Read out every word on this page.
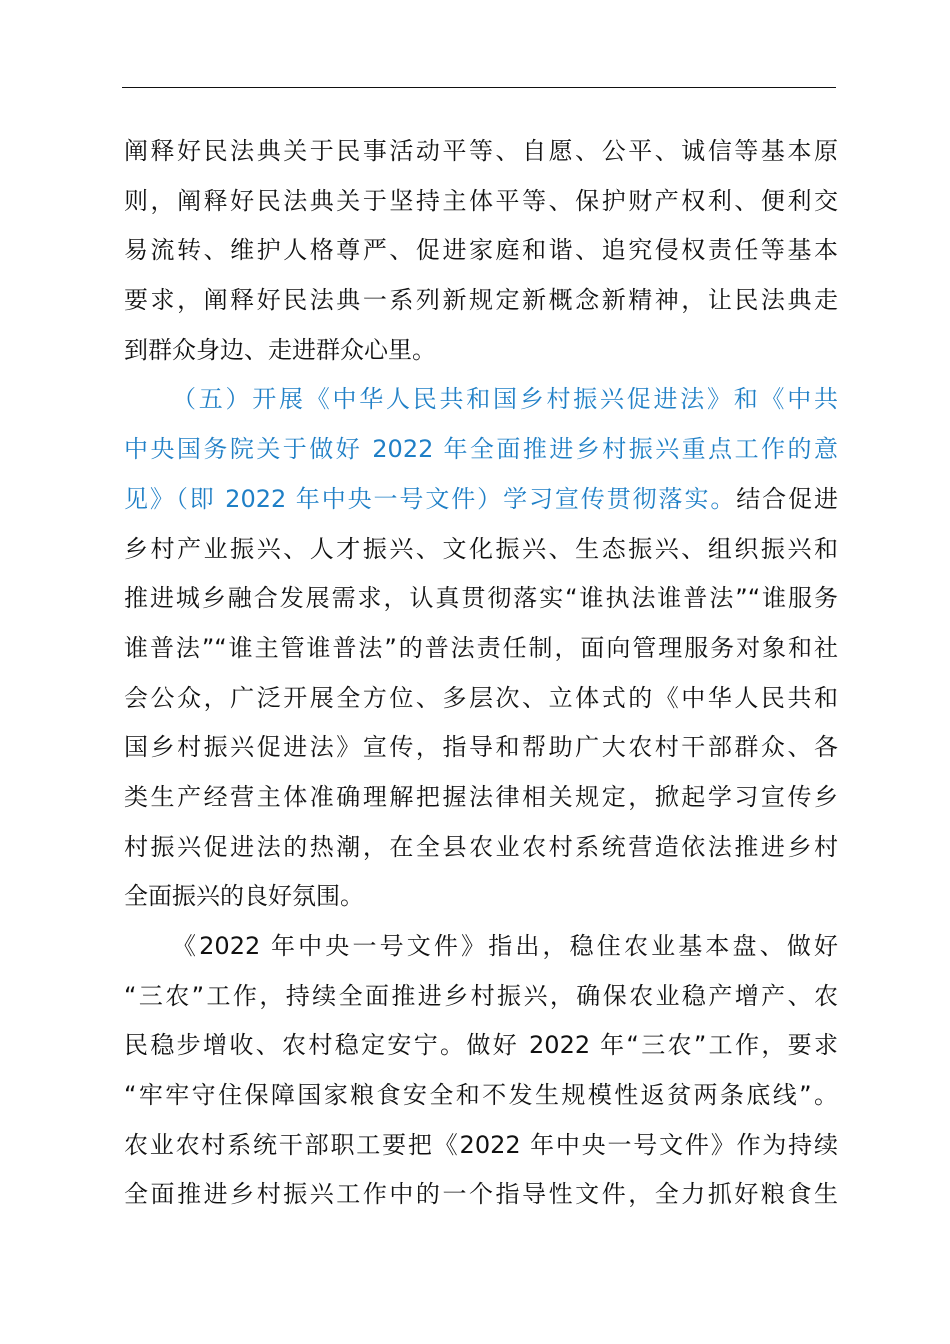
阐释好民法典关于民事活动平等、自愿、公平、诚信等基本原
则，阐释好民法典关于坚持主体平等、保护财产权利、便利交
易流转、维护人格尊严、促进家庭和谐、追究侵权责任等基本
要求，阐释好民法典一系列新规定新概念新精神，让民法典走
到群众身边、走进群众心里。
（五）开展《中华人民共和国乡村振兴促进法》和《中共
中央国务院关于做好 2022 年全面推进乡村振兴重点工作的意
见》（即 2022 年中央一号文件）学习宣传贯彻落实。结合促进
乡村产业振兴、人才振兴、文化振兴、生态振兴、组织振兴和
推进城乡融合发展需求，认真贯彻落实“谁执法谁普法”“谁服务
谁普法”“谁主管谁普法”的普法责任制，面向管理服务对象和社
会公众，广泛开展全方位、多层次、立体式的《中华人民共和
国乡村振兴促进法》宣传，指导和帮助广大农村干部群众、各
类生产经营主体准确理解把握法律相关规定，掀起学习宣传乡
村振兴促进法的热潮，在全县农业农村系统营造依法推进乡村
全面振兴的良好氛围。
《2022 年中央一号文件》指出，稳住农业基本盘、做好
“三农”工作，持续全面推进乡村振兴，确保农业稳产增产、农
民稳步增收、农村稳定安宁。做好 2022 年“三农”工作，要求
“牢牢守住保障国家粮食安全和不发生规模性返贫两条底线”。
农业农村系统干部职工要把《2022 年中央一号文件》作为持续
全面推进乡村振兴工作中的一个指导性文件，全力抓好粮食生
